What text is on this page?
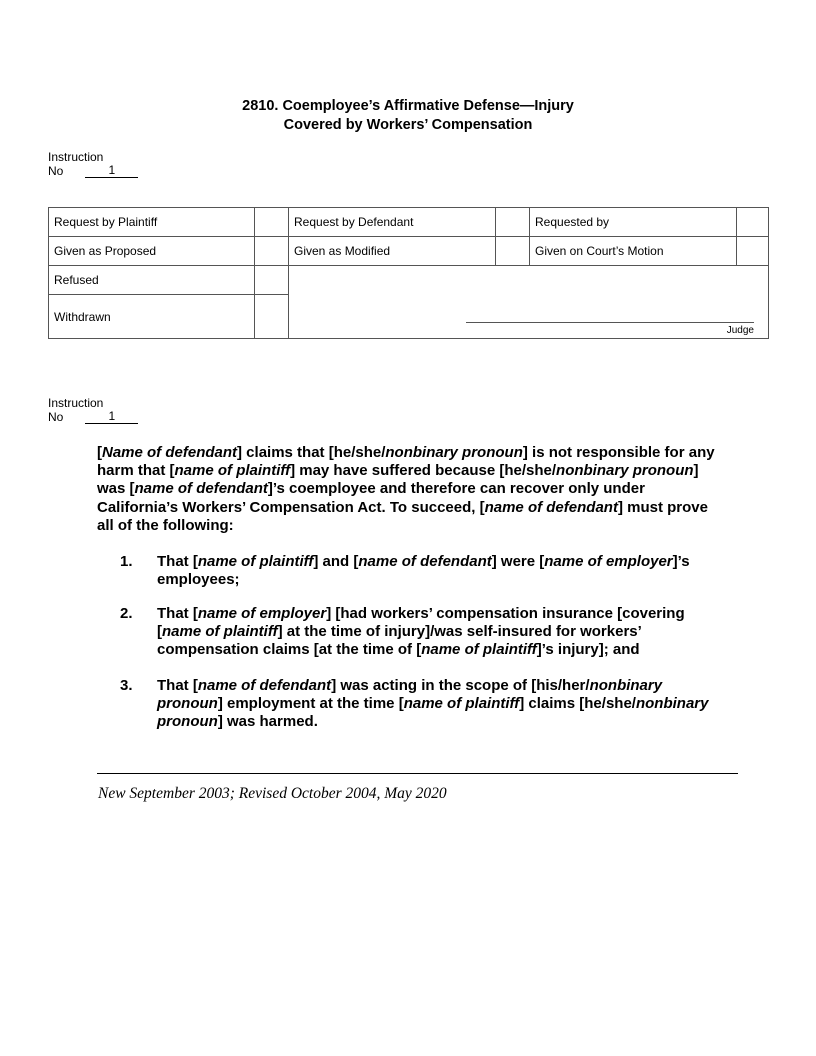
2810. Coemployee’s Affirmative Defense—Injury
Covered by Workers’ Compensation
Instruction
No	1
Request by Plaintiff		Request by Defendant		Requested by	
Given as Proposed		Given as Modified		Given on Court’s Motion	
Refused		Judge			

Withdrawn					
Instruction
No	1

[Name of defendant] claims that [he/she/nonbinary pronoun] is not responsible for any harm that [name of plaintiff] may have suffered because [he/she/nonbinary pronoun] was [name of defendant]’s coemployee and therefore can recover only under California’s Workers’ Compensation Act. To succeed, [name of defendant] must prove all of the following:

1. That [name of plaintiff] and [name of defendant] were [name of employer]’s employees;
2. That [name of employer] [had workers’ compensation insurance [covering [name of plaintiff] at the time of injury]/was self-insured for workers’ compensation claims [at the time of [name of plaintiff]’s injury]; and
3. That [name of defendant] was acting in the scope of [his/her/nonbinary pronoun] employment at the time [name of plaintiff] claims [he/she/nonbinary pronoun] was harmed.
New September 2003; Revised October 2004, May 2020
